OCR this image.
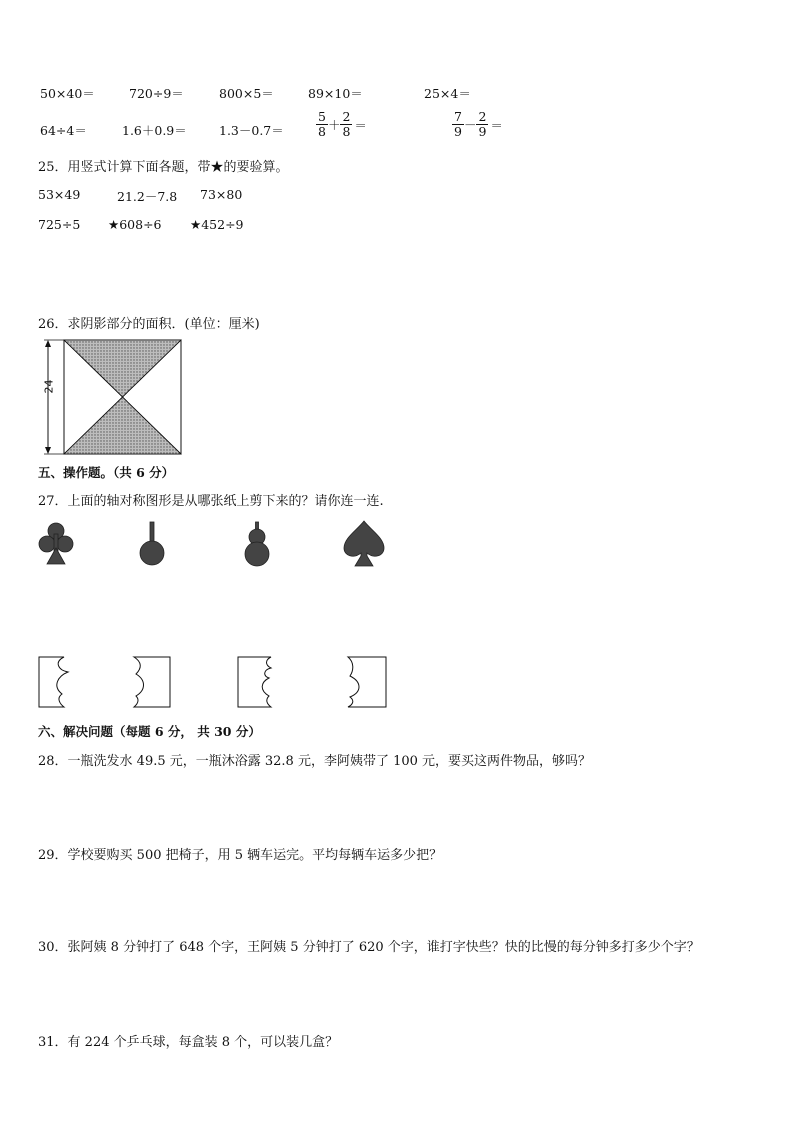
50×40＝	720÷9＝	800×5＝	89×10＝	25×4＝
64÷4＝	1.6＋0.9＝	1.3－0.7＝	$\frac{5}{8} + \frac{2}{8}$ ＝	$\frac{7}{9} - \frac{2}{9}$ ＝
25．用竖式计算下面各题，带★的要验算。
53×49	21.2－7.8 73×80
725÷5 ★608÷6 ★452÷9
26．求阴影部分的面积．(单位：厘米)
24
五、操作题。（共 6 分）
27．上面的轴对称图形是从哪张纸上剪下来的？请你连一连.
六、解决问题（每题 6 分， 共 30 分）
28．一瓶洗发水 49.5 元，一瓶沐浴露 32.8 元，李阿姨带了 100 元，要买这两件物品，够吗？
29．学校要购买 500 把椅子，用 5 辆车运完。平均每辆车运多少把？
30．张阿姨 8 分钟打了 648 个字，王阿姨 5 分钟打了 620 个字，谁打字快些？快的比慢的每分钟多打多少个字？
31．有 224 个乒乓球，每盒装 8 个，可以装几盒？
